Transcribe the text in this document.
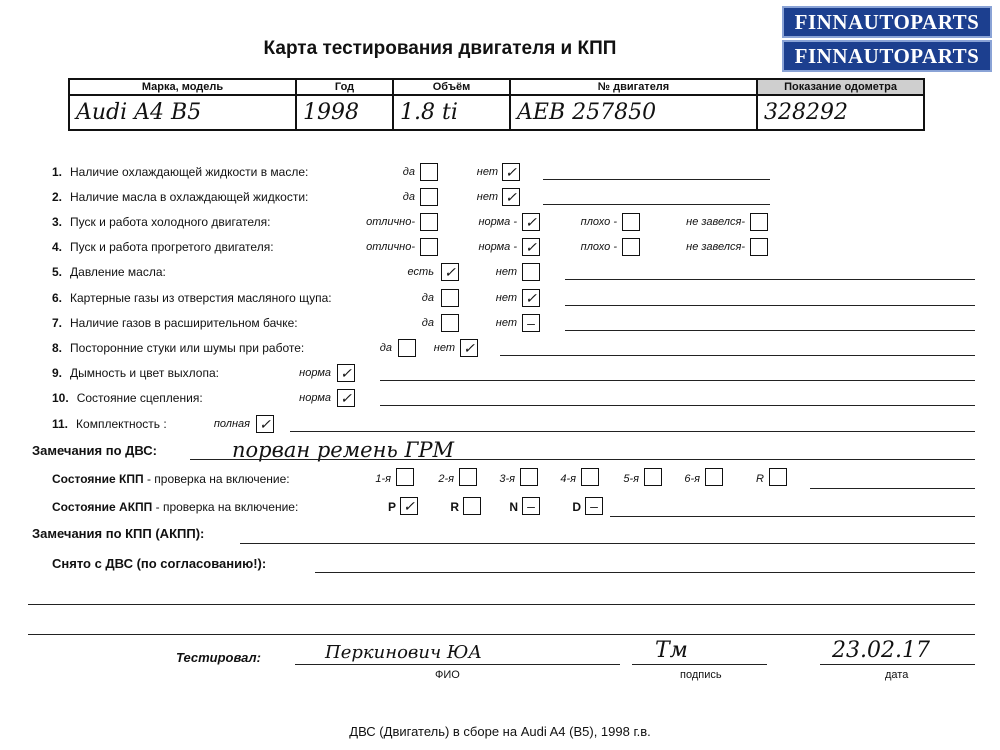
Карта тестирования двигателя и КПП
FINNAUTOPARTS
FINNAUTOPARTS
Марка, модель	Год	Объём	№ двигателя	Показание одометра
Audi A4 B5	1998	1.8 ti	AEB 257850	328292
1. Наличие охлаждающей жидкости в масле:	да	нет ✓
2. Наличие масла в охлаждающей жидкости:	да	нет ✓
3. Пуск и работа холодного двигателя:	отлично-	норма - ✓	плохо -	не завелся-
4. Пуск и работа прогретого двигателя:	отлично-	норма - ✓	плохо -	не завелся-
5. Давление масла:	есть ✓	нет
6. Картерные газы из отверстия масляного щупа:	да	нет ✓
7. Наличие газов в расширительном бачке:	да	нет –
8. Посторонние стуки или шумы при работе:	да	нет ✓
9. Дымность и цвет выхлопа:	норма ✓
10. Состояние сцепления:	норма ✓
11. Комплектность :	полная ✓
Замечания по ДВС:	порван ремень ГРМ
Состояние КПП - проверка на включение:	1-я	2-я	3-я	4-я	5-я	6-я	R
Состояние АКПП - проверка на включение:	P ✓	R	N –	D –
Замечания по КПП (АКПП):
Снято с ДВС (по согласованию!):
Тестировал:	Перкинович ЮА
ФИО
Тм
подпись
23.02.17
дата
ДВС (Двигатель) в сборе на Audi A4 (B5), 1998 г.в.
